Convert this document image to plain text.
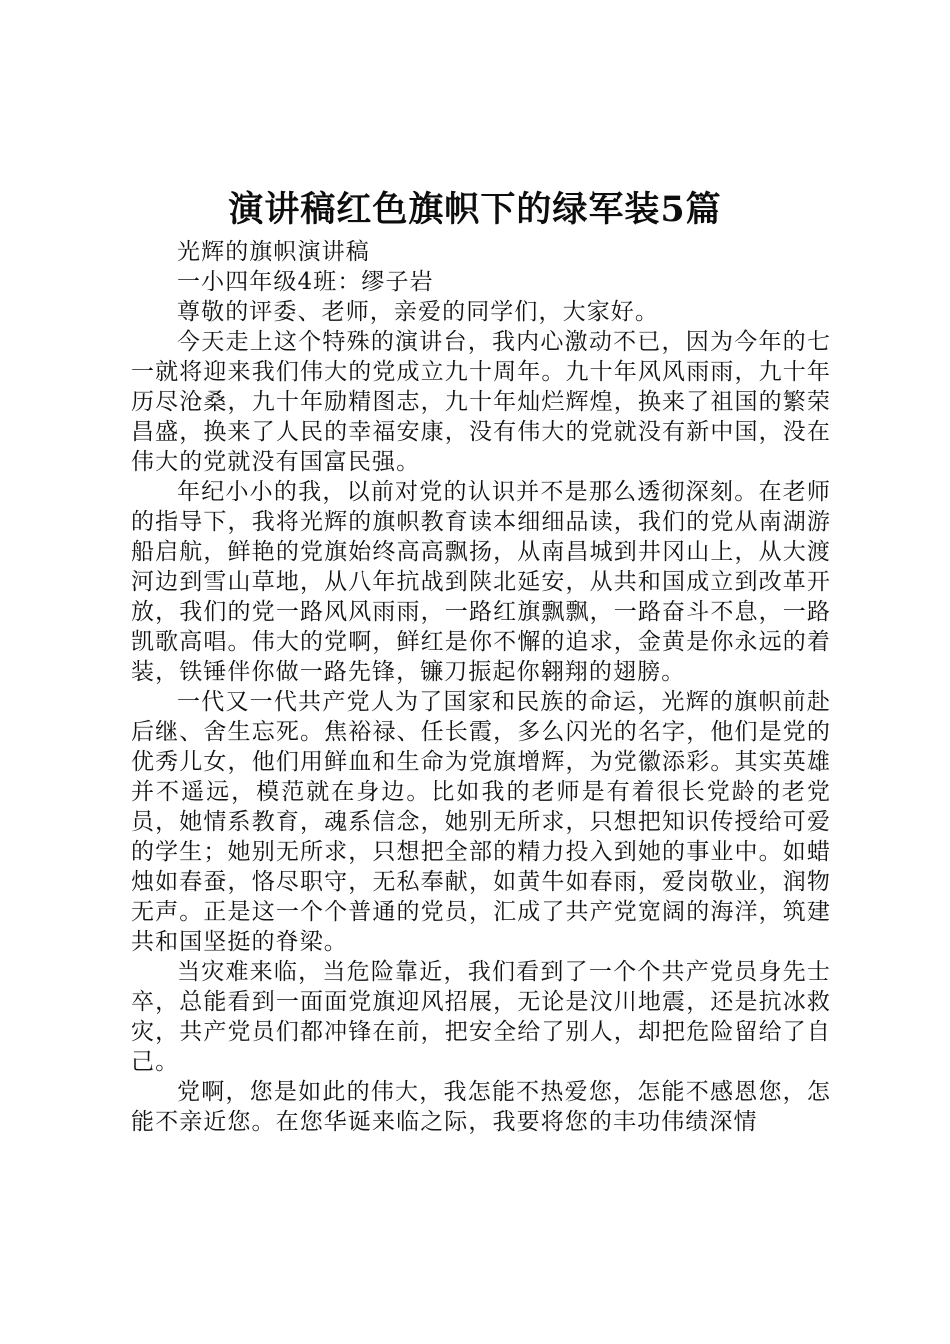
演讲稿红色旗帜下的绿军装5篇

光辉的旗帜演讲稿

一小四年级4班：缪子岩

尊敬的评委、老师，亲爱的同学们，大家好。

今天走上这个特殊的演讲台，我内心激动不已，因为今年的七一就将迎来我们伟大的党成立九十周年。九十年风风雨雨，九十年历尽沧桑，九十年励精图志，九十年灿烂辉煌，换来了祖国的繁荣昌盛，换来了人民的幸福安康，没有伟大的党就没有新中国，没在伟大的党就没有国富民强。

年纪小小的我，以前对党的认识并不是那么透彻深刻。在老师的指导下，我将光辉的旗帜教育读本细细品读，我们的党从南湖游船启航，鲜艳的党旗始终高高飘扬，从南昌城到井冈山上，从大渡河边到雪山草地，从八年抗战到陕北延安，从共和国成立到改革开放，我们的党一路风风雨雨，一路红旗飘飘，一路奋斗不息，一路凯歌高唱。伟大的党啊，鲜红是你不懈的追求，金黄是你永远的着装，铁锤伴你做一路先锋，镰刀振起你翱翔的翅膀。

一代又一代共产党人为了国家和民族的命运，光辉的旗帜前赴后继、舍生忘死。焦裕禄、任长霞，多么闪光的名字，他们是党的优秀儿女，他们用鲜血和生命为党旗增辉，为党徽添彩。其实英雄并不遥远，模范就在身边。比如我的老师是有着很长党龄的老党员，她情系教育，魂系信念，她别无所求，只想把知识传授给可爱的学生；她别无所求，只想把全部的精力投入到她的事业中。如蜡烛如春蚕，恪尽职守，无私奉献，如黄牛如春雨，爱岗敬业，润物无声。正是这一个个普通的党员，汇成了共产党宽阔的海洋，筑建共和国坚挺的脊梁。

当灾难来临，当危险靠近，我们看到了一个个共产党员身先士卒，总能看到一面面党旗迎风招展，无论是汶川地震，还是抗冰救灾，共产党员们都冲锋在前，把安全给了别人，却把危险留给了自己。

党啊，您是如此的伟大，我怎能不热爱您，怎能不感恩您，怎能不亲近您。在您华诞来临之际，我要将您的丰功伟绩深情
